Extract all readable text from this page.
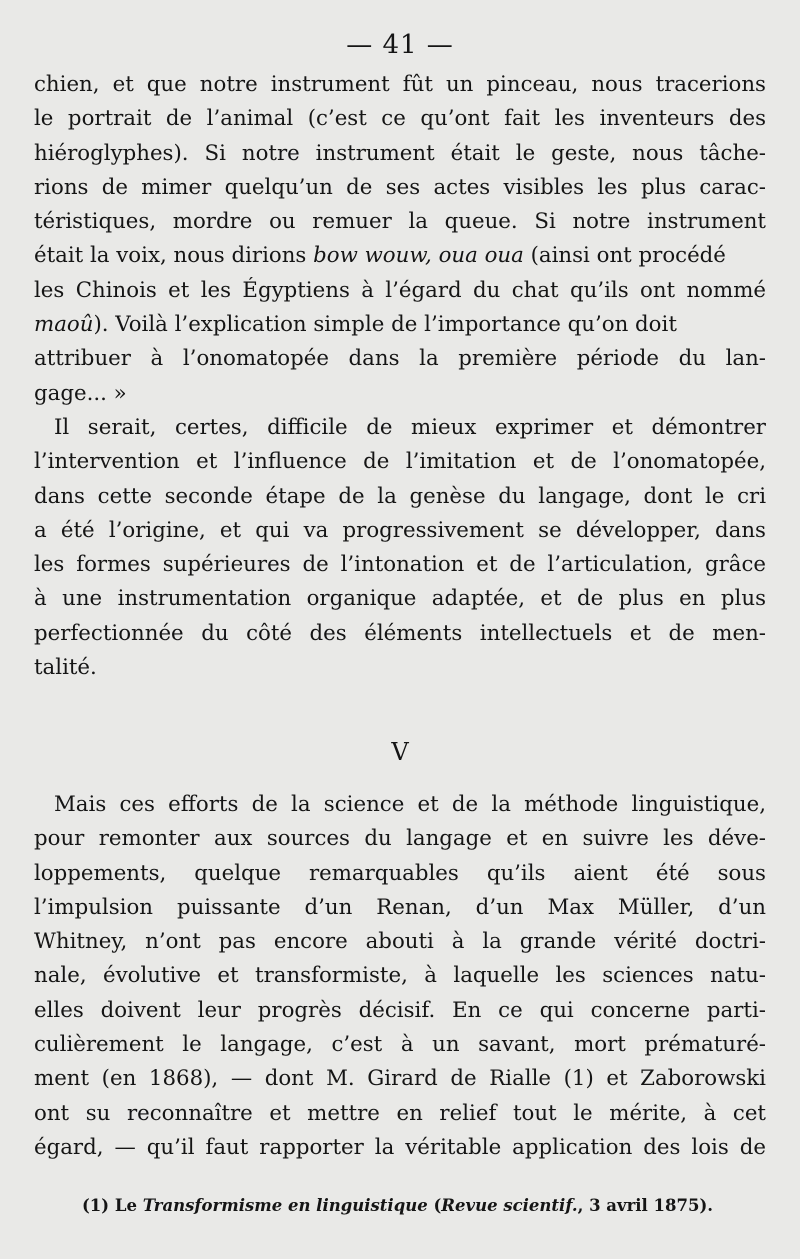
— 41 —
chien, et que notre instrument fût un pinceau, nous tracerions
le portrait de l’animal (c’est ce qu’ont fait les inventeurs des
hiéroglyphes). Si notre instrument était le geste, nous tâche-
rions de mimer quelqu’un de ses actes visibles les plus carac-
téristiques, mordre ou remuer la queue. Si notre instrument
était la voix, nous dirions bow wouw, oua oua (ainsi ont procédé
les Chinois et les Égyptiens à l’égard du chat qu’ils ont nommé
maoû). Voilà l’explication simple de l’importance qu’on doit
attribuer à l’onomatopée dans la première période du lan-
gage... »
Il serait, certes, difficile de mieux exprimer et démontrer
l’intervention et l’influence de l’imitation et de l’onomatopée,
dans cette seconde étape de la genèse du langage, dont le cri
a été l’origine, et qui va progressivement se développer, dans
les formes supérieures de l’intonation et de l’articulation, grâce
à une instrumentation organique adaptée, et de plus en plus
perfectionnée du côté des éléments intellectuels et de men-
talité.
V
Mais ces efforts de la science et de la méthode linguistique,
pour remonter aux sources du langage et en suivre les déve-
loppements, quelque remarquables qu’ils aient été sous
l’impulsion puissante d’un Renan, d’un Max Müller, d’un
Whitney, n’ont pas encore abouti à la grande vérité doctri-
nale, évolutive et transformiste, à laquelle les sciences natu-
elles doivent leur progrès décisif. En ce qui concerne parti-
culièrement le langage, c’est à un savant, mort prématuré-
ment (en 1868), — dont M. Girard de Rialle (1) et Zaborowski
ont su reconnaître et mettre en relief tout le mérite, à cet
égard, — qu’il faut rapporter la véritable application des lois de
(1) Le Transformisme en linguistique (Revue scientif., 3 avril 1875).
